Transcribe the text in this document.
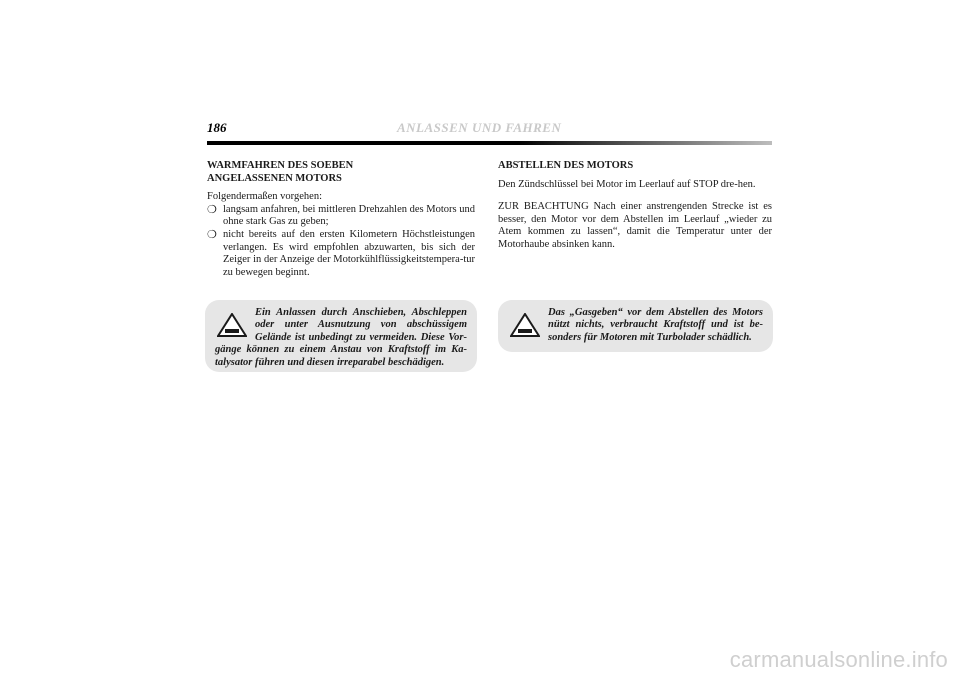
186	ANLASSEN UND FAHREN
WARMFAHREN DES SOEBEN
ANGELASSENEN MOTORS
Folgendermaßen vorgehen:
❍ langsam anfahren, bei mittleren Drehzahlen des Motors und ohne stark Gas zu geben;
❍ nicht bereits auf den ersten Kilometern Höchstleistungen verlangen. Es wird empfohlen abzuwarten, bis sich der Zeiger in der Anzeige der Motorkühlflüssigkeitstempera-tur zu bewegen beginnt.
Ein Anlassen durch Anschieben, Abschleppen oder unter Ausnutzung von abschüssigem Gelände ist unbedingt zu vermeiden. Diese Vor-gänge können zu einem Anstau von Kraftstoff im Ka-talysator führen und diesen irreparabel beschädigen.
ABSTELLEN DES MOTORS

Den Zündschlüssel bei Motor im Leerlauf auf STOP dre-hen.

ZUR BEACHTUNG Nach einer anstrengenden Strecke ist es besser, den Motor vor dem Abstellen im Leerlauf „wieder zu Atem kommen zu lassen“, damit die Temperatur unter der Motorhaube absinken kann.

Das „Gasgeben“ vor dem Abstellen des Motors nützt nichts, verbraucht Kraftstoff und ist be-sonders für Motoren mit Turbolader schädlich.
carmanualsonline.info
